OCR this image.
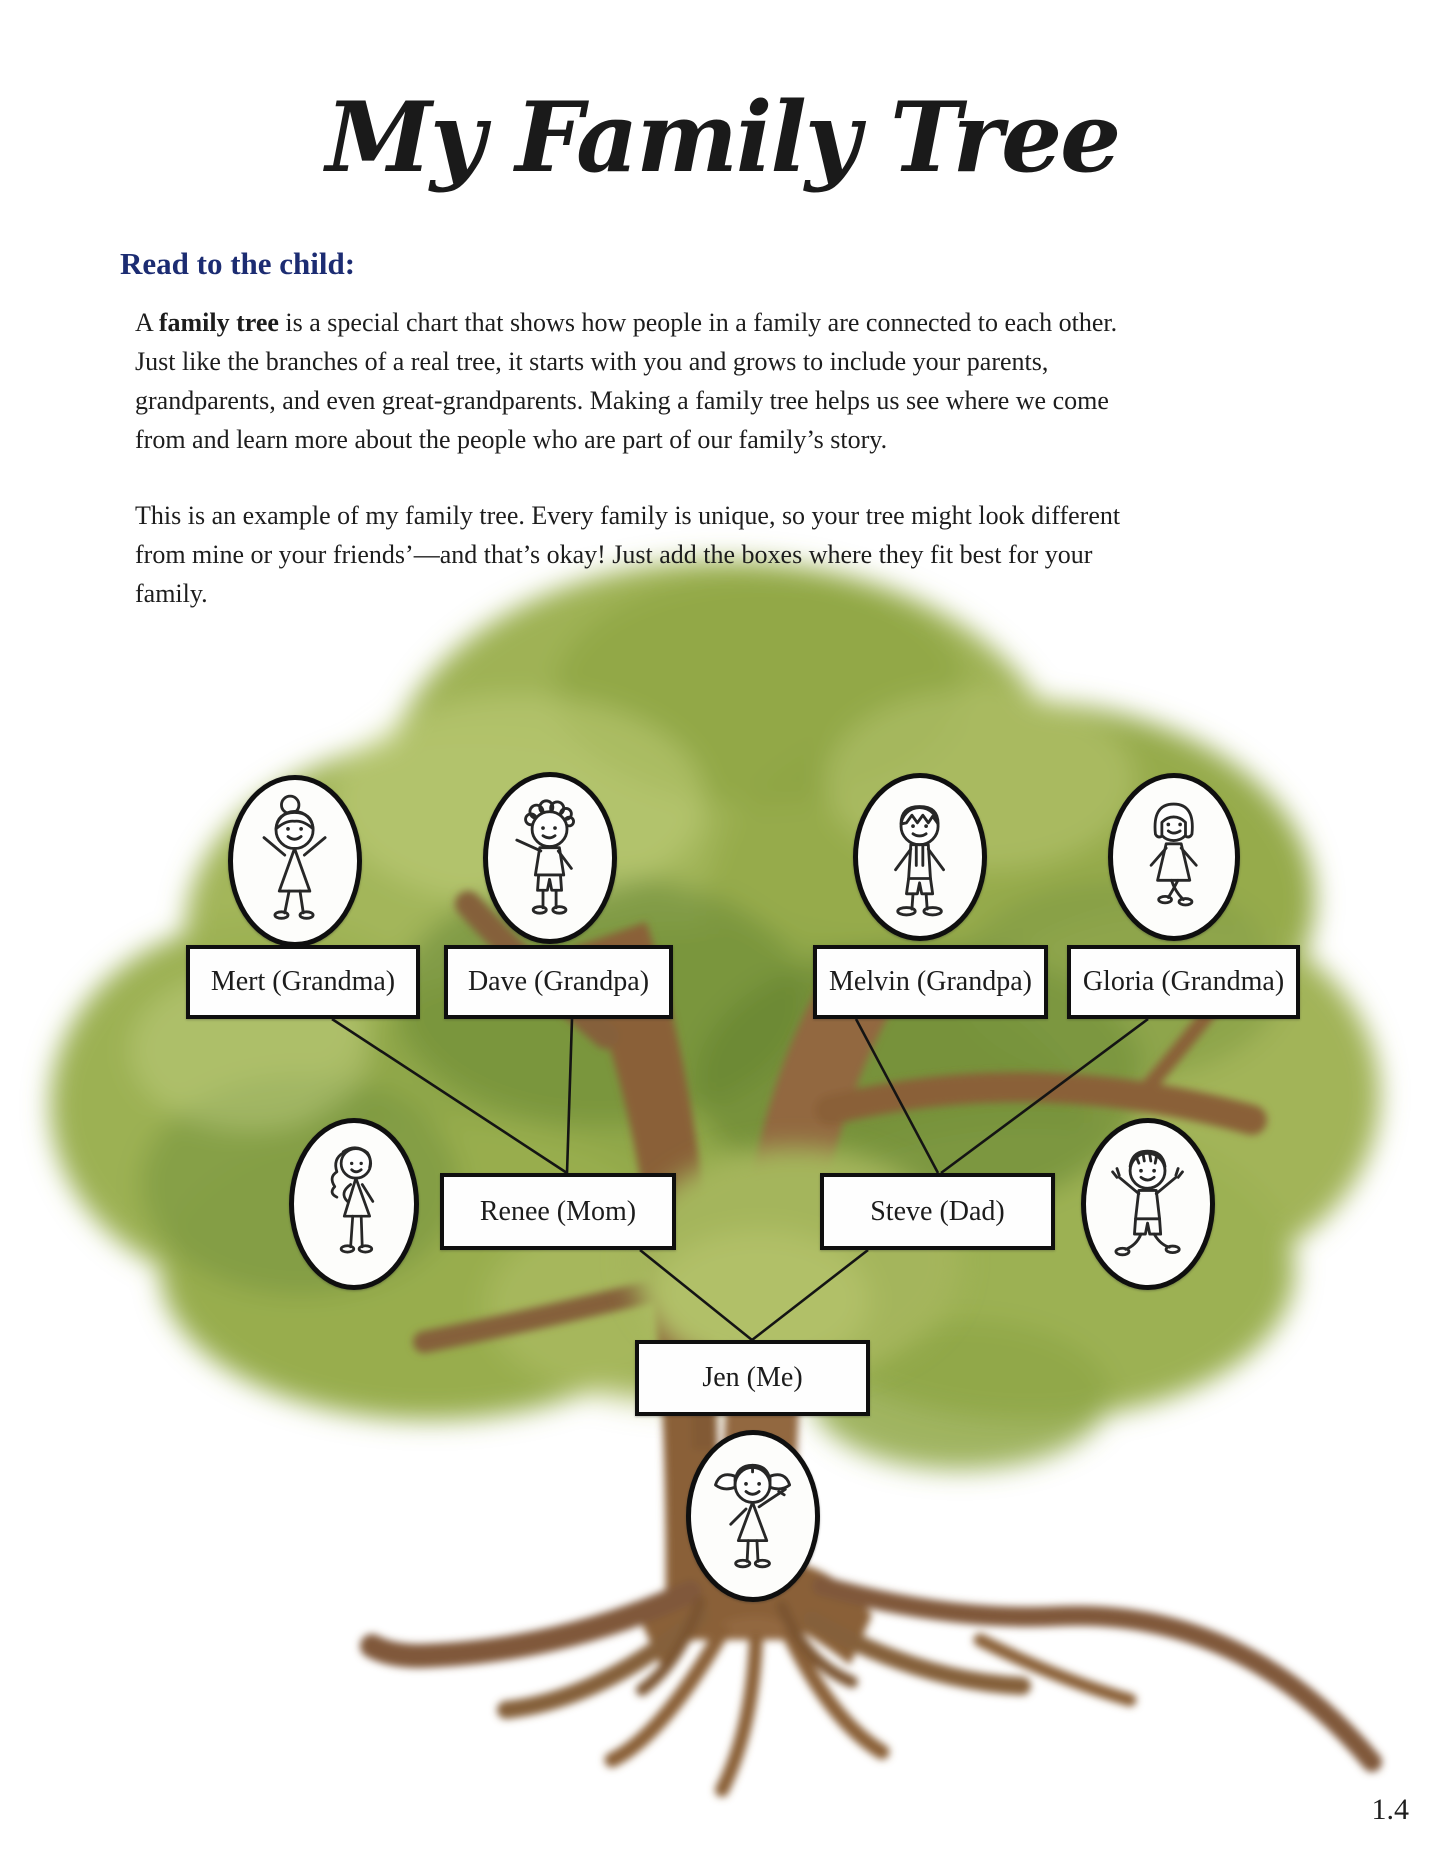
My Family Tree
Read to the child:

A family tree is a special chart that shows how people in a family are connected to each other. Just like the branches of a real tree, it starts with you and grows to include your parents, grandparents, and even great-grandparents. Making a family tree helps us see where we come from and learn more about the people who are part of our family’s story.

This is an example of my family tree. Every family is unique, so your tree might look different from mine or your friends’—and that’s okay! Just add the boxes where they fit best for your family.

Mert (Grandma)	Dave (Grandpa)	Melvin (Grandpa) Gloria (Grandma)
Renee (Mom)	Steve (Dad)
Jen (Me)
1.4
